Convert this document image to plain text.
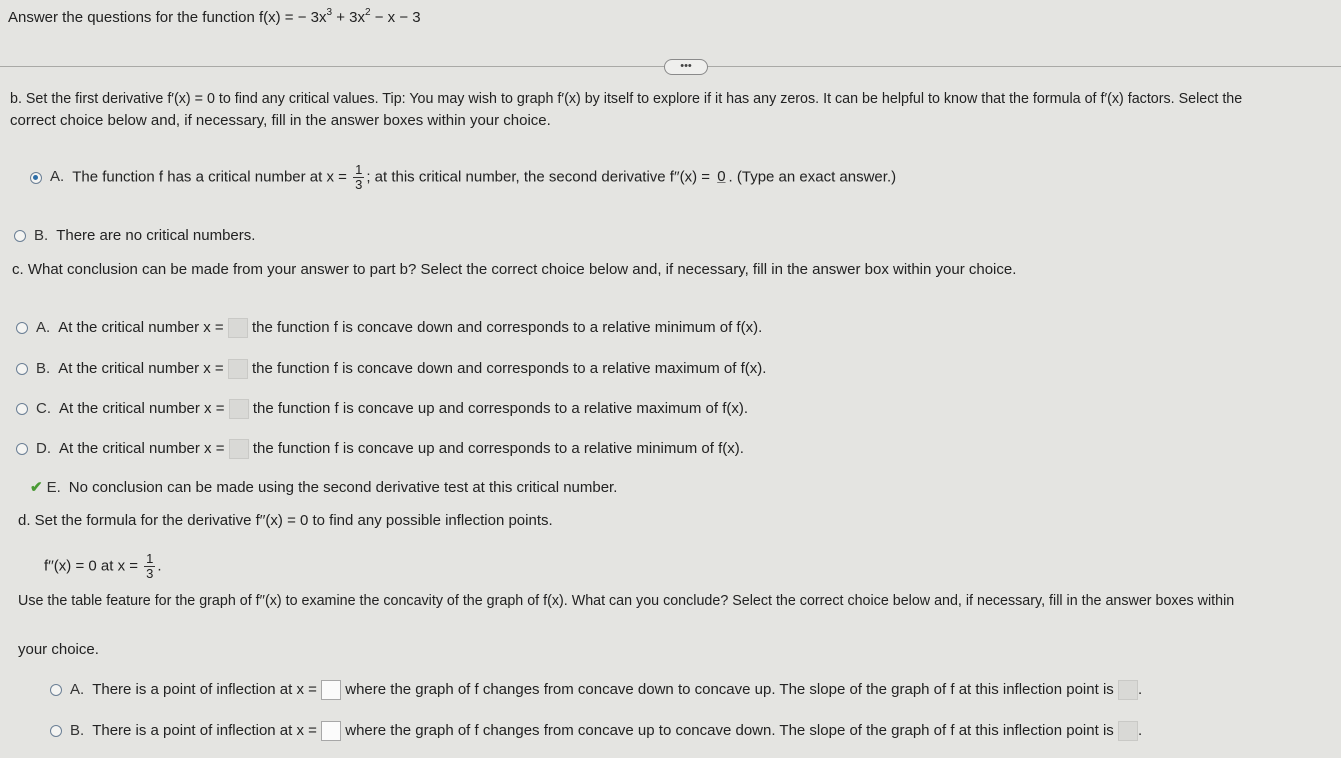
Answer the questions for the function f(x) = − $3x^3 + 3x^2 - x - 3$
•••
b. Set the first derivative f′(x) = 0 to find any critical values. Tip: You may wish to graph f′(x) by itself to explore if it has any zeros. It can be helpful to know that the formula of f′(x) factors. Select the
correct choice below and, if necessary, fill in the answer boxes within your choice.
A. The function f has a critical number at $x = \frac{1}{3}$ ; at this critical number, the second derivative f′′(x) = 0 . (Type an exact answer.)
B. There are no critical numbers.
c. What conclusion can be made from your answer to part b? Select the correct choice below and, if necessary, fill in the answer box within your choice.
A. At the critical number x = the function f is concave down and corresponds to a relative minimum of f(x).
B. At the critical number x = the function f is concave down and corresponds to a relative maximum of f(x).
C. At the critical number x = the function f is concave up and corresponds to a relative maximum of f(x).
D. At the critical number x = the function f is concave up and corresponds to a relative minimum of f(x).
✔ E. No conclusion can be made using the second derivative test at this critical number.
d. Set the formula for the derivative f′′(x) = 0 to find any possible inflection points.
f′′(x) = 0 at $x = \frac{1}{3}$ .
Use the table feature for the graph of f′′(x) to examine the concavity of the graph of f(x). What can you conclude? Select the correct choice below and, if necessary, fill in the answer boxes within
your choice.
A. There is a point of inflection at x = where the graph of f changes from concave down to concave up. The slope of the graph of f at this inflection point is .
B. There is a point of inflection at x = where the graph of f changes from concave up to concave down. The slope of the graph of f at this inflection point is .
